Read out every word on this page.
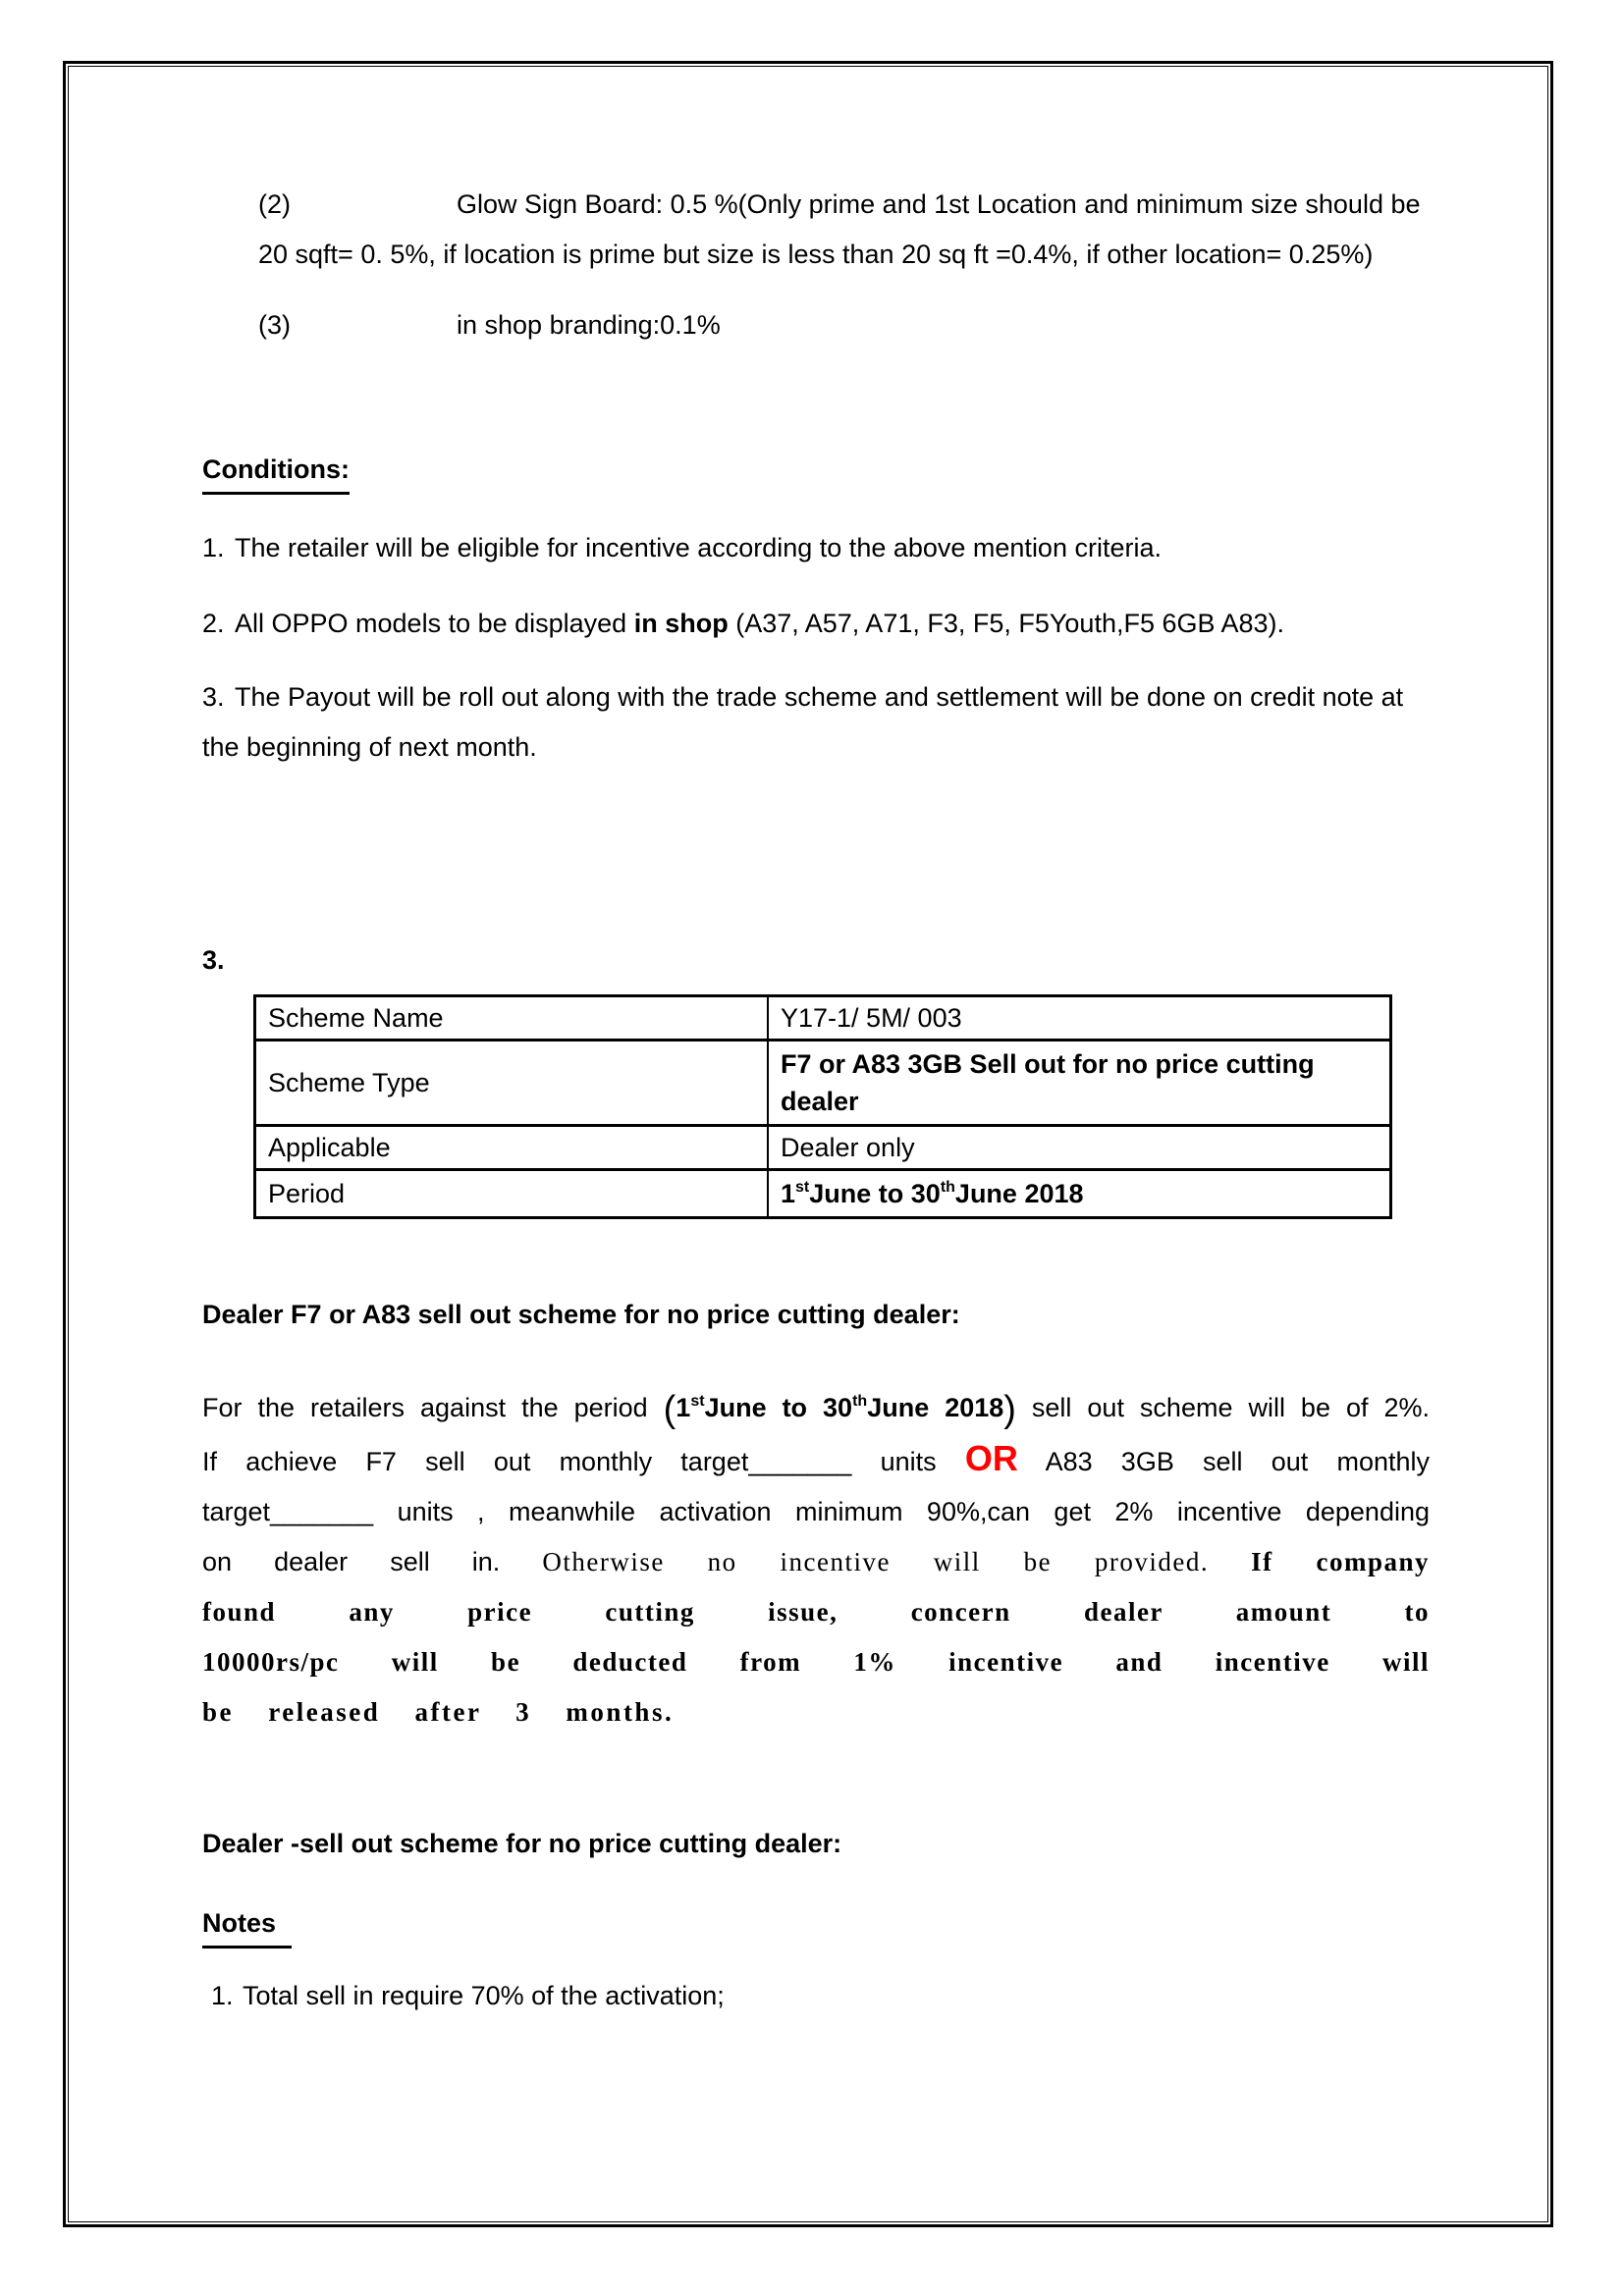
(2)	Glow Sign Board: 0.5 %(Only prime and 1st Location and minimum size should be 20 sqft= 0. 5%, if location is prime but size is less than 20 sq ft =0.4%, if other location= 0.25%)
(3)	in shop branding:0.1%
Conditions:
1. The retailer will be eligible for incentive according to the above mention criteria.
2. All OPPO models to be displayed in shop (A37, A57, A71, F3, F5, F5Youth,F5 6GB A83).
3. The Payout will be roll out along with the trade scheme and settlement will be done on credit note at the beginning of next month.
3.
Scheme Name	Y17-1/ 5M/ 003
Scheme Type	F7 or A83 3GB Sell out for no price cutting dealer
Applicable	Dealer only
Period	1stJune to 30thJune 2018
Dealer F7 or A83 sell out scheme for no price cutting dealer:
For the retailers against the period (1stJune to 30thJune 2018) sell out scheme will be of 2%.
If achieve F7 sell out monthly target_______ units OR A83 3GB sell out monthly
target_______ units , meanwhile activation minimum 90%,can get 2% incentive depending
on dealer sell in. Otherwise no incentive will be provided. If company
found any price cutting issue, concern dealer amount to
10000rs/pc will be deducted from 1% incentive and incentive will
be released after 3 months.
Dealer -sell out scheme for no price cutting dealer:
Notes
1. Total sell in require 70% of the activation;
